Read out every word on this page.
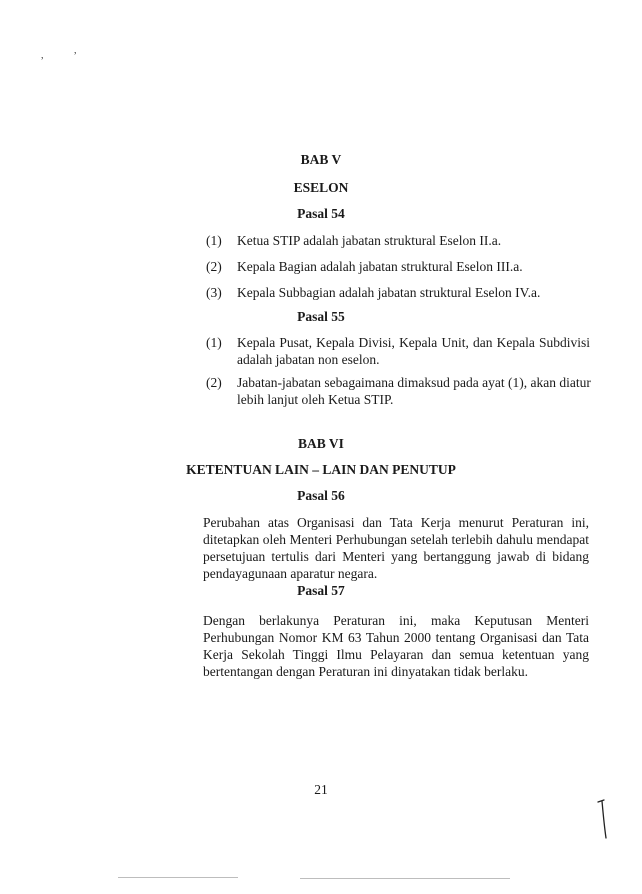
,	,
BAB V
ESELON
Pasal 54
(1) Ketua STIP adalah jabatan struktural Eselon II.a.
(2) Kepala Bagian adalah jabatan struktural Eselon III.a.
(3) Kepala Subbagian adalah jabatan struktural Eselon IV.a.
Pasal 55
(1) Kepala Pusat, Kepala Divisi, Kepala Unit, dan Kepala Subdivisi
adalah jabatan non eselon.
(2) Jabatan-jabatan sebagaimana dimaksud pada ayat (1), akan diatur
lebih lanjut oleh Ketua STIP.
BAB VI
KETENTUAN LAIN – LAIN DAN PENUTUP
Pasal 56
Perubahan atas Organisasi dan Tata Kerja menurut Peraturan ini,
ditetapkan oleh Menteri Perhubungan setelah terlebih dahulu mendapat
persetujuan tertulis dari Menteri yang bertanggung jawab di bidang
pendayagunaan aparatur negara.
Pasal 57
Dengan berlakunya Peraturan ini, maka Keputusan Menteri
Perhubungan Nomor KM 63 Tahun 2000 tentang Organisasi dan Tata
Kerja Sekolah Tinggi Ilmu Pelayaran dan semua ketentuan yang
bertentangan dengan Peraturan ini dinyatakan tidak berlaku.
21
